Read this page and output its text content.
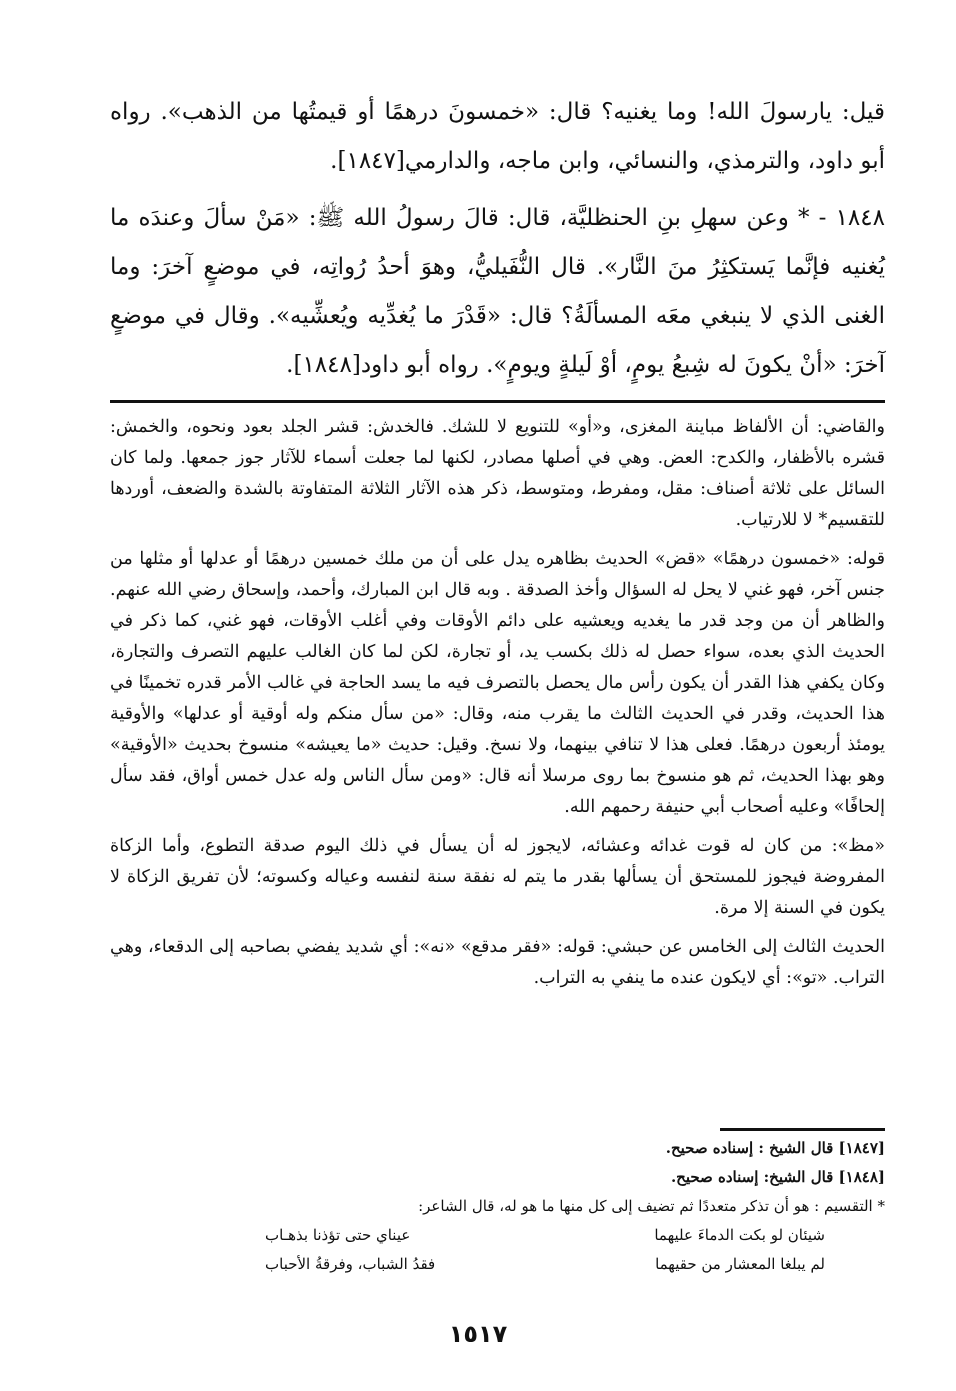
قيل: يارسولَ الله! وما يغنيه؟ قال: «خمسونَ درهمًا أو قيمتُها من الذهب». رواه أبو داود، والترمذي، والنسائي، وابن ماجه، والدارمي[١٨٤٧].

١٨٤٨ - * وعن سهلِ بنِ الحنظليَّة، قال: قالَ رسولُ الله ﷺ: «مَنْ سألَ وعندَه ما يُغنيه فإنَّما يَستكثِرُ منَ النَّار». قال النُّفَيليُّ، وهوَ أحدُ رُواتِه، في موضعٍ آخرَ: وما الغنى الذي لا ينبغي معَه المسألَةُ؟ قال: «قَدْرَ ما يُغدِّيه ويُعشِّيه». وقال في موضعٍ آخرَ: «أنْ يكونَ له شِبعُ يومٍ، أوْ لَيلةٍ ويومٍ». رواه أبو داود[١٨٤٨].

والقاضي: أن الألفاظ مباينة المغزى، و«أو» للتنويع لا للشك. فالخدش: قشر الجلد بعود ونحوه، والخمش: قشره بالأظفار، والكدح: العض. وهي في أصلها مصادر، لكنها لما جعلت أسماء للآثار جوز جمعها. ولما كان السائل على ثلاثة أصناف: مقل، ومفرط، ومتوسط، ذكر هذه الآثار الثلاثة المتفاوتة بالشدة والضعف، أوردها للتقسيم* لا للارتياب.

قوله: «خمسون درهمًا» «قض» الحديث بظاهره يدل على أن من ملك خمسين درهمًا أو عدلها أو مثلها من جنس آخر، فهو غني لا يحل له السؤال وأخذ الصدقة . وبه قال ابن المبارك، وأحمد، وإسحاق رضي الله عنهم. والظاهر أن من وجد قدر ما يغديه ويعشيه على دائم الأوقات وفي أغلب الأوقات، فهو غني، كما ذكر في الحديث الذي بعده، سواء حصل له ذلك بكسب يد، أو تجارة، لكن لما كان الغالب عليهم التصرف والتجارة، وكان يكفي هذا القدر أن يكون رأس مال يحصل بالتصرف فيه ما يسد الحاجة في غالب الأمر قدره تخمينًا في هذا الحديث، وقدر في الحديث الثالث ما يقرب منه، وقال: «من سأل منكم وله أوقية أو عدلها» والأوقية يومئذ أربعون درهمًا. فعلى هذا لا تنافي بينهما، ولا نسخ. وقيل: حديث «ما يعيشه» منسوخ بحديث «الأوقية» وهو بهذا الحديث، ثم هو منسوخ بما روى مرسلا أنه قال: «ومن سأل الناس وله عدل خمس أواق، فقد سأل إلحافًا» وعليه أصحاب أبي حنيفة رحمهم الله.

«مظ»: من كان له قوت غدائه وعشائه، لايجوز له أن يسأل في ذلك اليوم صدقة التطوع، وأما الزكاة المفروضة فيجوز للمستحق أن يسألها بقدر ما يتم له نفقة سنة لنفسه وعياله وكسوته؛ لأن تفريق الزكاة لا يكون في السنة إلا مرة.

الحديث الثالث إلى الخامس عن حبشي: قوله: «فقر مدقع» «نه»: أي شديد يفضي بصاحبه إلى الدقعاء، وهي التراب. «تو»: أي لايكون عنده ما ينفي به التراب.

[١٨٤٧] قال الشيخ : إسناده صحيح.

[١٨٤٨] قال الشيخ: إسناده صحيح.

* التقسيم : هو أن تذكر متعددًا ثم تضيف إلى كل منها ما هو له، قال الشاعر:

شيئان لو بكت الدماءَ عليهما
عيناي حتى تؤذنا بذهـاب
لم يبلغا المعشار من حقيهما
فقدُ الشباب، وفرقةُ الأحباب
١٥١٧
